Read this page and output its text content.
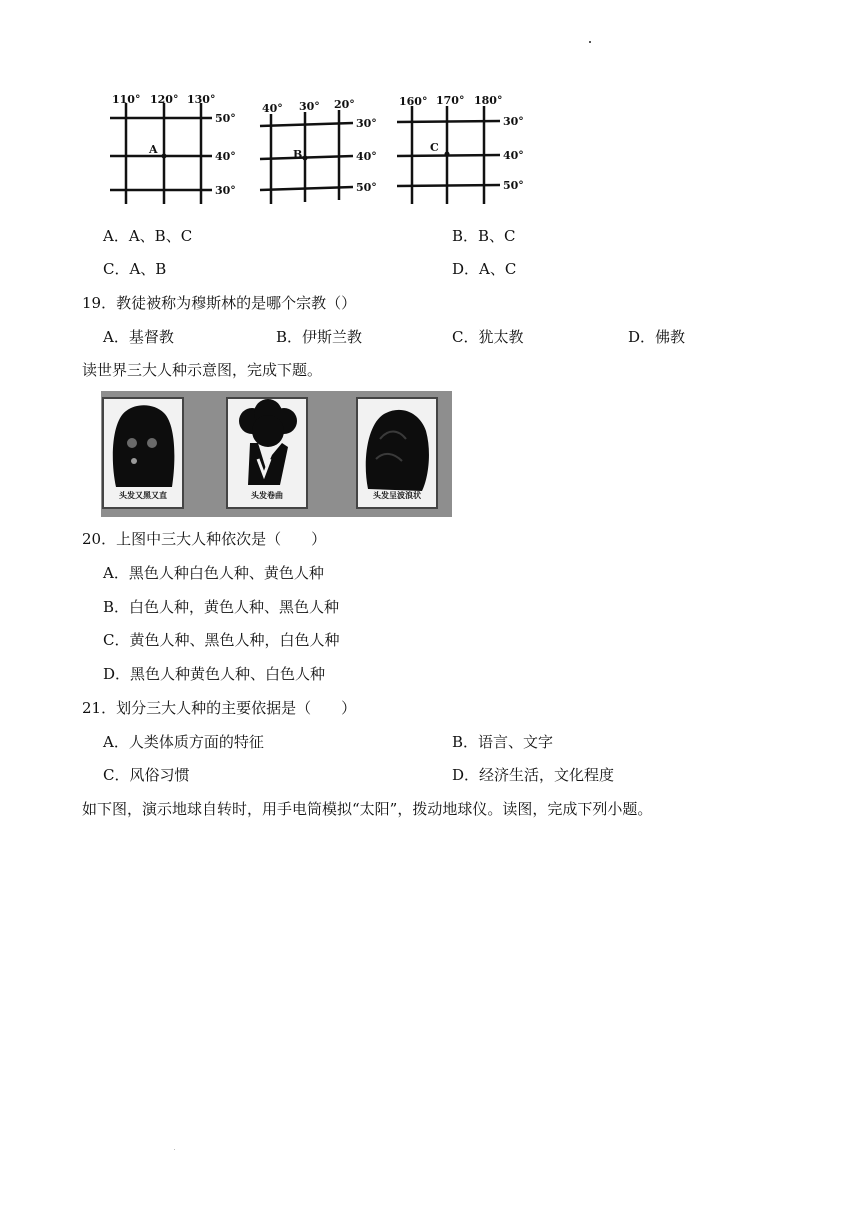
110° 120° 130°
50°
40°
30°
A
40° 30° 20°
30°
40°
50°
B
160° 170° 180°
30°
40°
50°
C
A．A、B、C	B．B、C
C．A、B	D．A、C
19．教徒被称为穆斯林的是哪个宗教（）
A．基督教	B．伊斯兰教	C．犹太教	D．佛教
读世界三大人种示意图，完成下题。
头发又黑又直	头发卷曲	头发呈波浪状
20．上图中三大人种依次是（　　）
A．黑色人种白色人种、黄色人种
B．白色人种，黄色人种、黑色人种
C．黄色人种、黑色人种，白色人种
D．黑色人种黄色人种、白色人种
21．划分三大人种的主要依据是（　　）
A．人类体质方面的特征	B．语言、文字
C．风俗习惯	D．经济生活，文化程度
如下图，演示地球自转时，用手电筒模拟“太阳”，拨动地球仪。读图，完成下列小题。
